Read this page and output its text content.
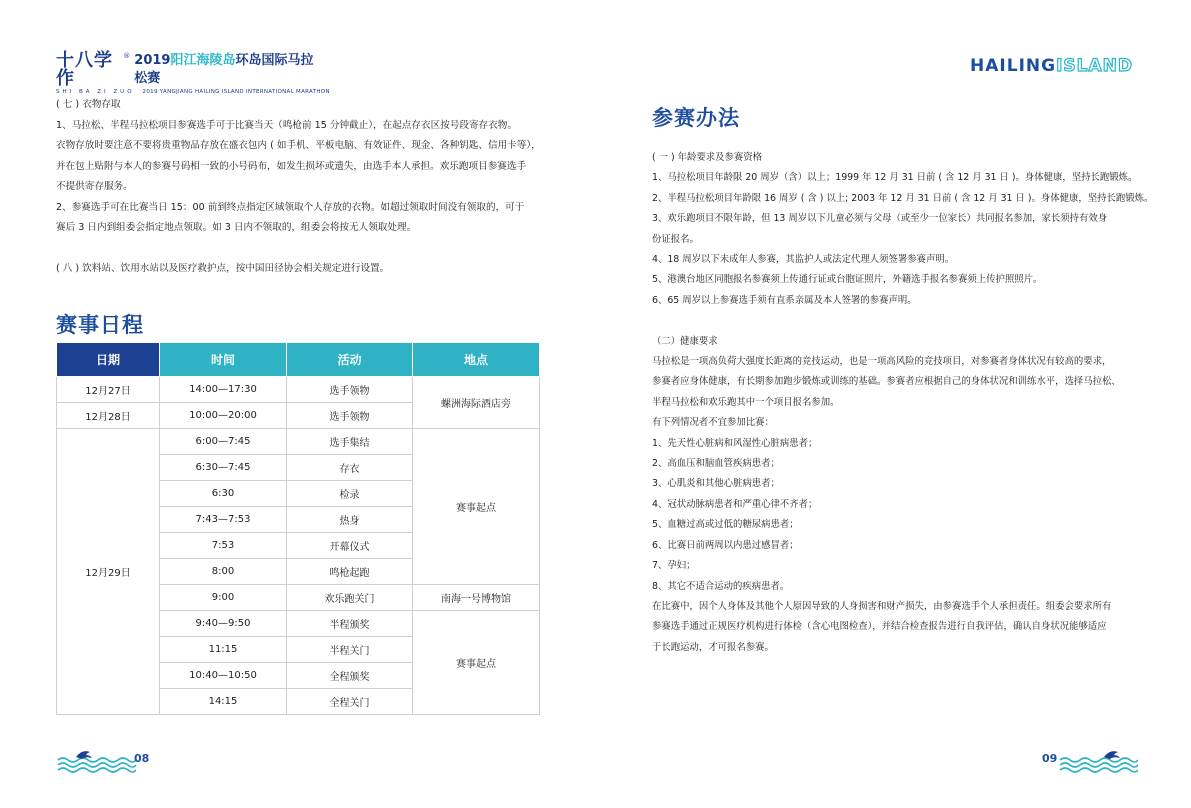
十八学作
® 2019阳江海陵岛环岛国际马拉松赛
SHI BA ZI ZUO 2019 YANGJIANG HAILING ISLAND INTERNATIONAL MARATHON
HAILINGISLAND
( 七 ) 衣物存取
1、马拉松、半程马拉松项目参赛选手可于比赛当天（鸣枪前 15 分钟截止），在起点存衣区按号段寄存衣物。
衣物存放时要注意不要将贵重物品存放在盛衣包内 ( 如手机、平板电脑、有效证件、现金、各种钥匙、信用卡等），
并在包上贴附与本人的参赛号码相一致的小号码布，如发生损坏或遗失，由选手本人承担。欢乐跑项目参赛选手
不提供寄存服务。
2、参赛选手可在比赛当日 15：00 前到终点指定区域领取个人存放的衣物。如超过领取时间没有领取的，可于
赛后 3 日内到组委会指定地点领取。如 3 日内不领取的，组委会将按无人领取处理。
( 八 ) 饮料站、饮用水站以及医疗救护点，按中国田径协会相关规定进行设置。
赛事日程
日期	时间	活动	地点
12月27日	14:00—17:30	选手领物	螺洲海际酒店旁
12月28日	10:00—20:00	选手领物	
12月29日	6:00—7:45	选手集结	赛事起点
	6:30—7:45	存衣	
	6:30	检录	
	7:43—7:53	热身	
	7:53	开幕仪式	
	8:00	鸣枪起跑	
	9:00	欢乐跑关门	南海一号博物馆
	9:40—9:50	半程颁奖	赛事起点
	11:15	半程关门	
	10:40—10:50	全程颁奖	
	14:15	全程关门	
参赛办法
( 一 ) 年龄要求及参赛资格
1、马拉松项目年龄限 20 周岁（含）以上；1999 年 12 月 31 日前 ( 含 12 月 31 日 )。身体健康，坚持长跑锻炼。
2、半程马拉松项目年龄限 16 周岁 ( 含 ) 以上; 2003 年 12 月 31 日前 ( 含 12 月 31 日 )。身体健康，坚持长跑锻炼。
3、欢乐跑项目不限年龄，但 13 周岁以下儿童必须与父母（或至少一位家长）共同报名参加，家长须持有效身
份证报名。
4、18 周岁以下未成年人参赛，其监护人或法定代理人须签署参赛声明。
5、港澳台地区同胞报名参赛须上传通行证或台胞证照片，外籍选手报名参赛须上传护照照片。
6、65 周岁以上参赛选手须有直系亲属及本人签署的参赛声明。
（二）健康要求
马拉松是一项高负荷大强度长距离的竞技运动，也是一项高风险的竞技项目，对参赛者身体状况有较高的要求，
参赛者应身体健康，有长期参加跑步锻炼或训练的基础。参赛者应根据自己的身体状况和训练水平，选择马拉松、
半程马拉松和欢乐跑其中一个项目报名参加。
有下列情况者不宜参加比赛：
1、先天性心脏病和风湿性心脏病患者；
2、高血压和脑血管疾病患者；
3、心肌炎和其他心脏病患者；
4、冠状动脉病患者和严重心律不齐者；
5、血糖过高或过低的糖尿病患者；
6、比赛日前两周以内患过感冒者；
7、孕妇；
8、其它不适合运动的疾病患者。
在比赛中，因个人身体及其他个人原因导致的人身损害和财产损失，由参赛选手个人承担责任。组委会要求所有
参赛选手通过正规医疗机构进行体检（含心电图检查），并结合检查报告进行自我评估，确认自身状况能够适应
于长跑运动，才可报名参赛。
08	09
